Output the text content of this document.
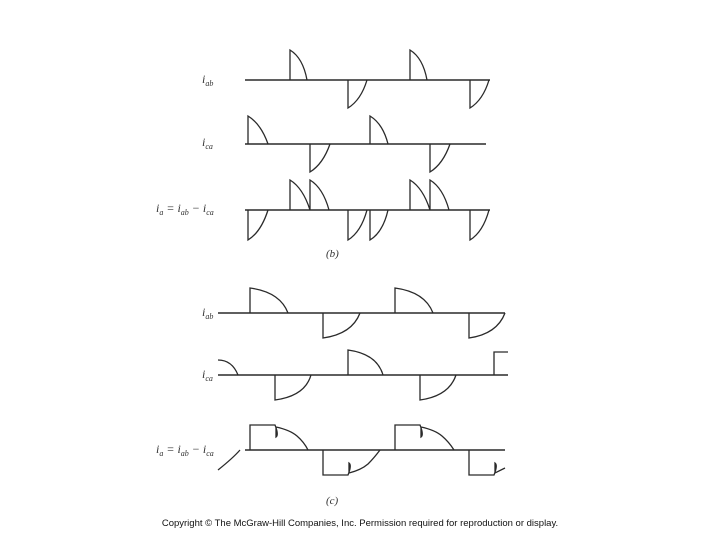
$i_{ab}$
$i_{ca}$
$i_a = i_{ab} - i_{ca}$
(b)
$i_{ab}$
$i_{ca}$
$i_a = i_{ab} - i_{ca}$
(c)
Copyright © The McGraw-Hill Companies, Inc. Permission required for reproduction or display.
